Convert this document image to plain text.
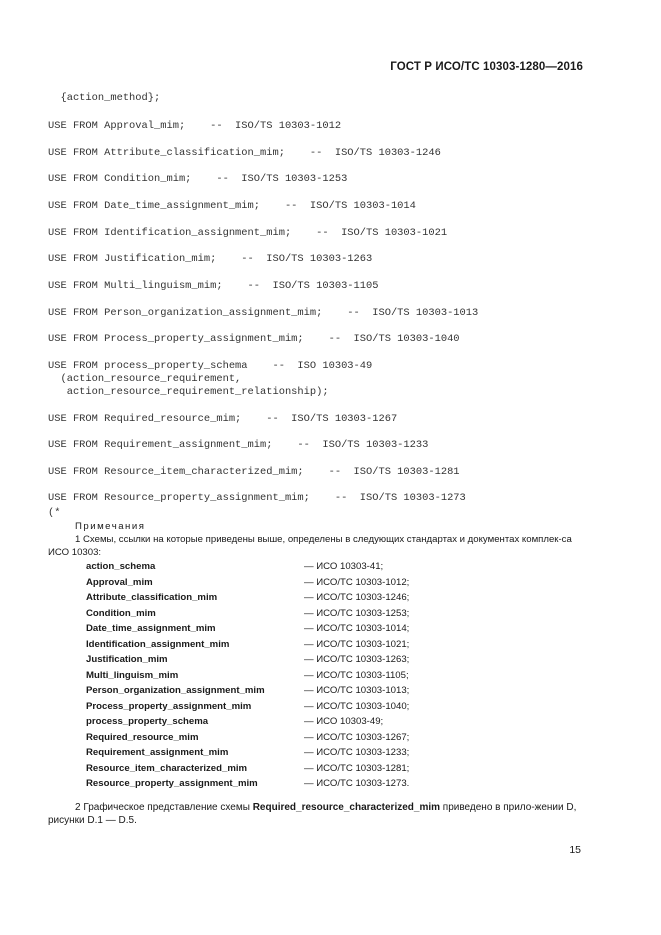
ГОСТ Р ИСО/ТС 10303-1280—2016

{action_method};

USE FROM Approval_mim;    --  ISO/TS 10303-1012

USE FROM Attribute_classification_mim;    --  ISO/TS 10303-1246

USE FROM Condition_mim;    --  ISO/TS 10303-1253

USE FROM Date_time_assignment_mim;    --  ISO/TS 10303-1014

USE FROM Identification_assignment_mim;    --  ISO/TS 10303-1021

USE FROM Justification_mim;    --  ISO/TS 10303-1263

USE FROM Multi_linguism_mim;    --  ISO/TS 10303-1105

USE FROM Person_organization_assignment_mim;    --  ISO/TS 10303-1013

USE FROM Process_property_assignment_mim;    --  ISO/TS 10303-1040

USE FROM process_property_schema    --  ISO 10303-49

(action_resource_requirement,

action_resource_requirement_relationship);

USE FROM Required_resource_mim;    --  ISO/TS 10303-1267

USE FROM Requirement_assignment_mim;    --  ISO/TS 10303-1233

USE FROM Resource_item_characterized_mim;    --  ISO/TS 10303-1281

USE FROM Resource_property_assignment_mim;    --  ISO/TS 10303-1273

(*

Примечания
1 Схемы, ссылки на которые приведены выше, определены в следующих стандартах и документах комплек-са ИСО 10303:
action_schema	— ИСО 10303-41;
Approval_mim	— ИСО/ТС 10303-1012;
Attribute_classification_mim	— ИСО/ТС 10303-1246;
Condition_mim	— ИСО/ТС 10303-1253;
Date_time_assignment_mim	— ИСО/ТС 10303-1014;
Identification_assignment_mim	— ИСО/ТС 10303-1021;
Justification_mim	— ИСО/ТС 10303-1263;
Multi_linguism_mim	— ИСО/ТС 10303-1105;
Person_organization_assignment_mim	— ИСО/ТС 10303-1013;
Process_property_assignment_mim	— ИСО/ТС 10303-1040;
process_property_schema	— ИСО 10303-49;
Required_resource_mim	— ИСО/ТС 10303-1267;
Requirement_assignment_mim	— ИСО/ТС 10303-1233;
Resource_item_characterized_mim	— ИСО/ТС 10303-1281;
Resource_property_assignment_mim	— ИСО/ТС 10303-1273.
2 Графическое представление схемы Required_resource_characterized_mim приведено в прило-жении D, рисунки D.1 — D.5.
15
